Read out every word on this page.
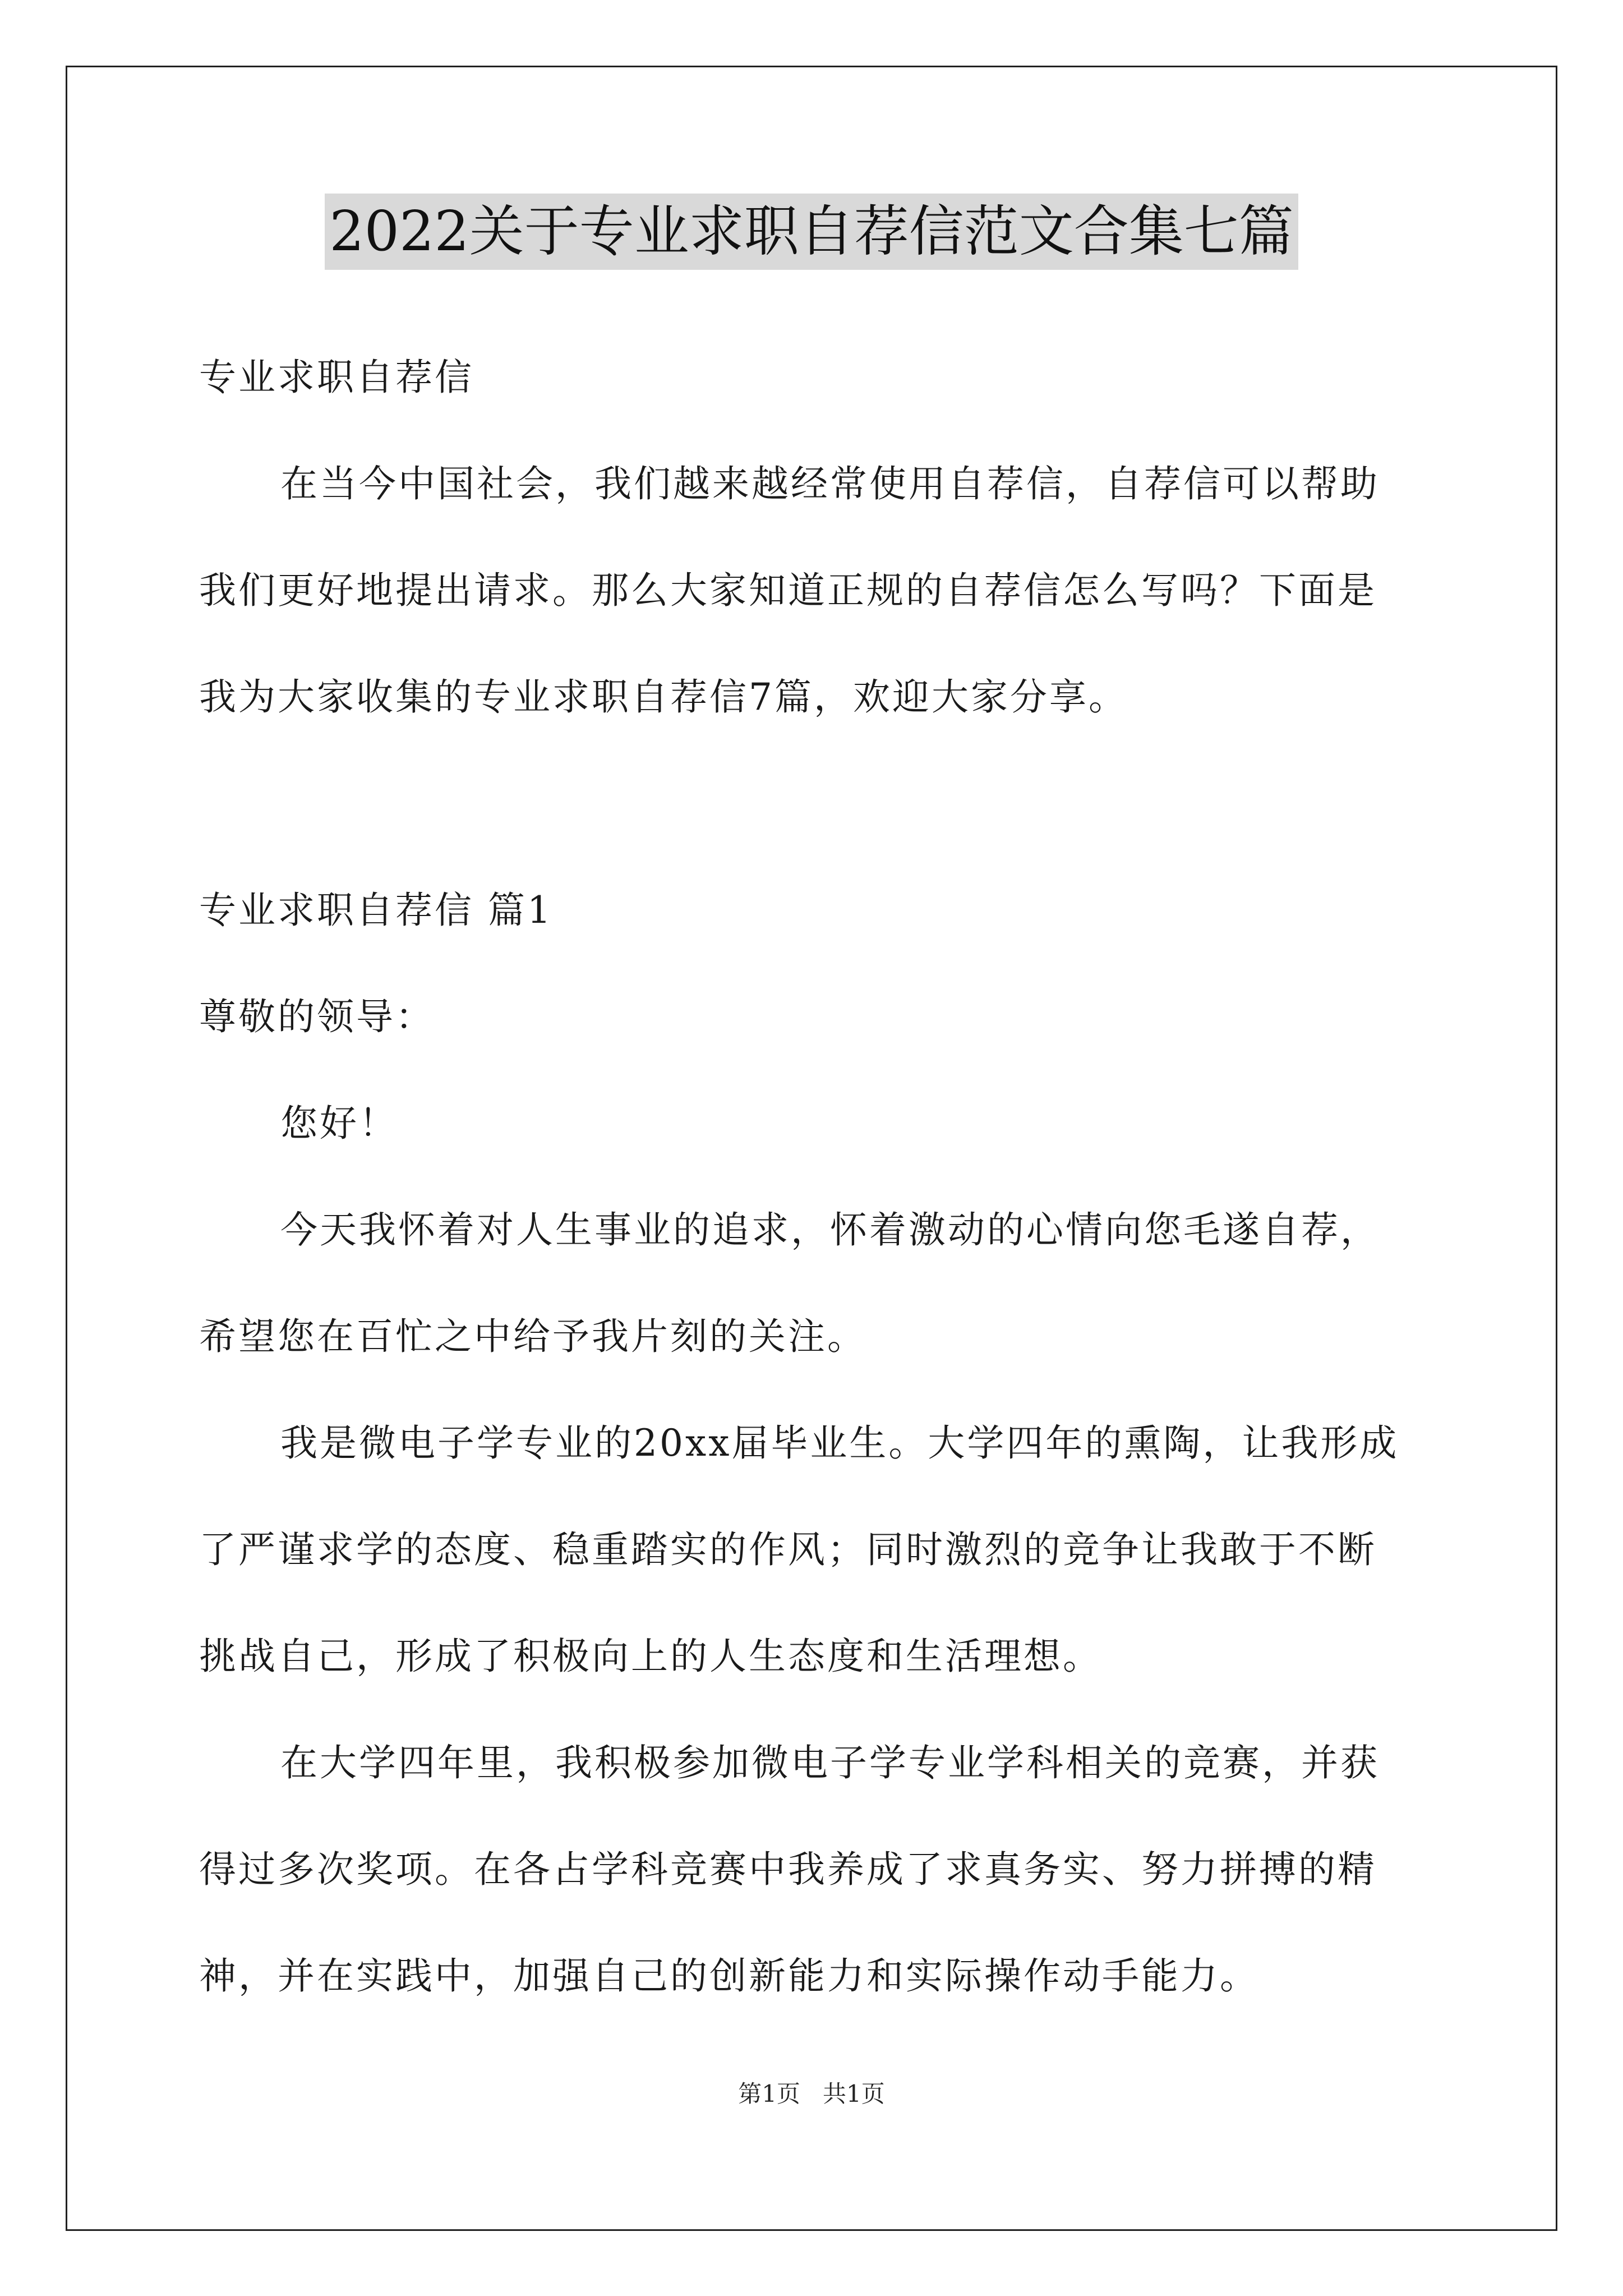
2022关于专业求职自荐信范文合集七篇
专业求职自荐信
在当今中国社会，我们越来越经常使用自荐信，自荐信可以帮助
我们更好地提出请求。那么大家知道正规的自荐信怎么写吗？下面是
我为大家收集的专业求职自荐信7篇，欢迎大家分享。
专业求职自荐信 篇1
尊敬的领导：
您好！
今天我怀着对人生事业的追求，怀着激动的心情向您毛遂自荐，
希望您在百忙之中给予我片刻的关注。
我是微电子学专业的20xx届毕业生。大学四年的熏陶，让我形成
了严谨求学的态度、稳重踏实的作风；同时激烈的竞争让我敢于不断
挑战自己，形成了积极向上的人生态度和生活理想。
在大学四年里，我积极参加微电子学专业学科相关的竞赛，并获
得过多次奖项。在各占学科竞赛中我养成了求真务实、努力拼搏的精
神，并在实践中，加强自己的创新能力和实际操作动手能力。
第1页   共1页
